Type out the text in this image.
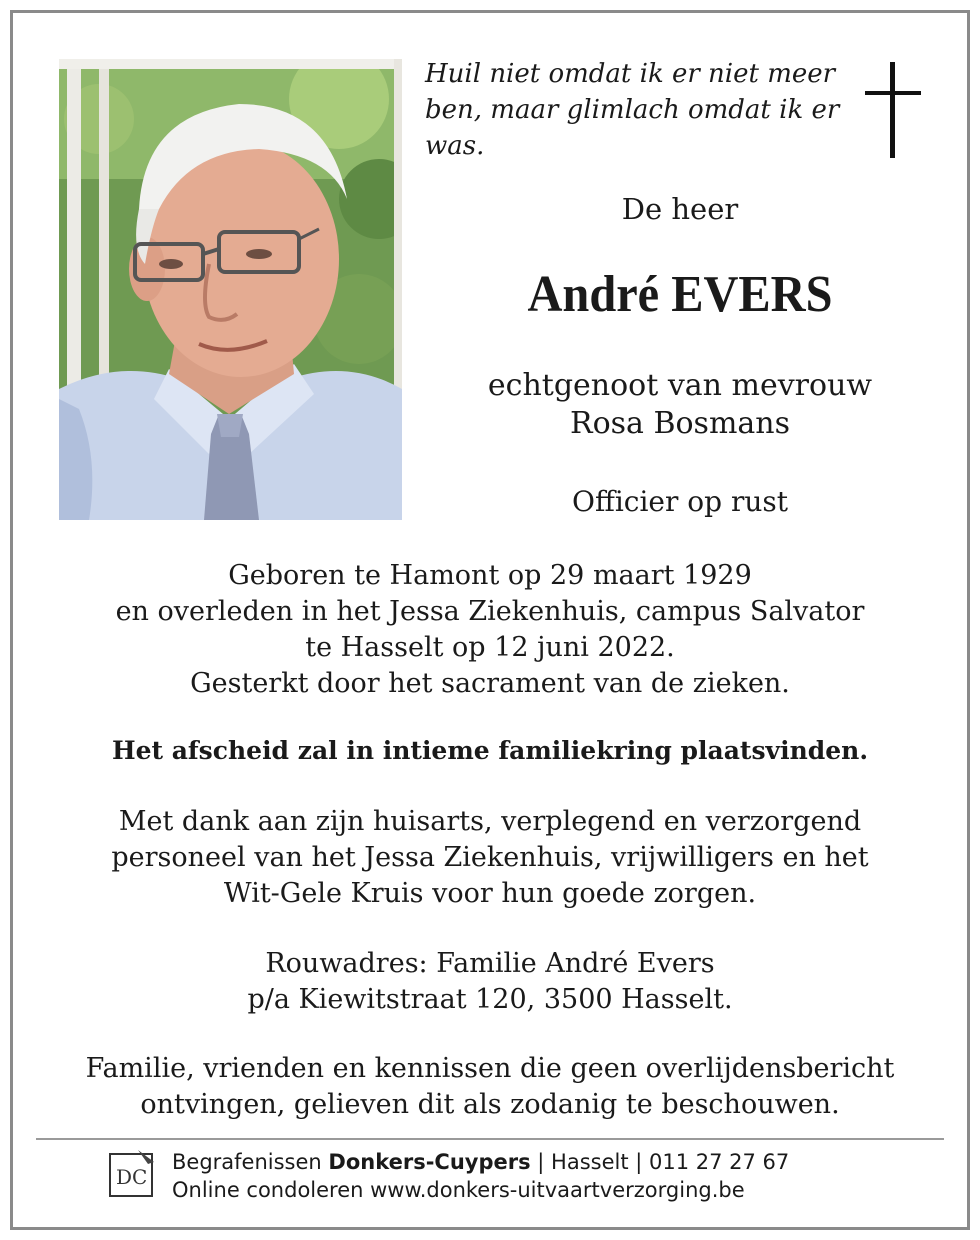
Huil niet omdat ik er niet meer ben, maar glimlach omdat ik er was.

De heer

André EVERS

echtgenoot van mevrouw
Rosa Bosmans

Officier op rust

Geboren te Hamont op 29 maart 1929
en overleden in het Jessa Ziekenhuis, campus Salvator
te Hasselt op 12 juni 2022.
Gesterkt door het sacrament van de zieken.

Het afscheid zal in intieme familiekring plaatsvinden.

Met dank aan zijn huisarts, verplegend en verzorgend
personeel van het Jessa Ziekenhuis, vrijwilligers en het
Wit-Gele Kruis voor hun goede zorgen.
Rouwadres: Familie André Evers
p/a Kiewitstraat 120, 3500 Hasselt.
Familie, vrienden en kennissen die geen overlijdensbericht
ontvingen, gelieven dit als zodanig te beschouwen.
DC
Begrafenissen Donkers-Cuypers | Hasselt | 011 27 27 67
Online condoleren www.donkers-uitvaartverzorging.be
